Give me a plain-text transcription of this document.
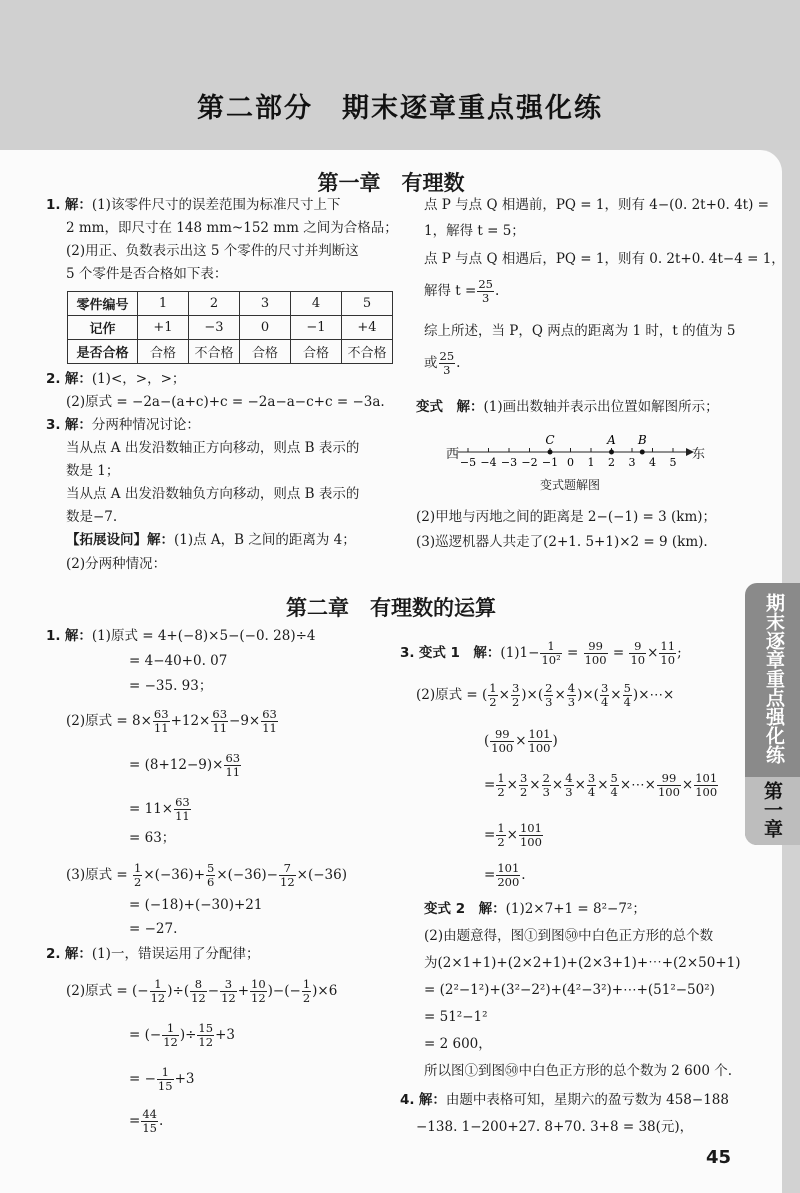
第二部分　期末逐章重点强化练
期末逐章重点强化练
第一章
第一章　有理数
1. 解：(1)该零件尺寸的误差范围为标准尺寸上下
2 mm，即尺寸在 148 mm~152 mm 之间为合格品；
(2)用正、负数表示出这 5 个零件的尺寸并判断这
5 个零件是否合格如下表：
零件编号	1	2	3	4	5
记作	+1	−3	0	−1	+4
是否合格	合格	不合格	合格	合格	不合格
2. 解：(1)<，>，>；
(2)原式 = −2a−(a+c)+c = −2a−a−c+c = −3a.
3. 解：分两种情况讨论：
当从点 A 出发沿数轴正方向移动，则点 B 表示的
数是 1；
当从点 A 出发沿数轴负方向移动，则点 B 表示的
数是−7.
【拓展设问】解：(1)点 A，B 之间的距离为 4；
(2)分两种情况：
点 P 与点 Q 相遇前，PQ = 1，则有 4−(0. 2t+0. 4t) =
1，解得 t = 5；
点 P 与点 Q 相遇后，PQ = 1，则有 0. 2t+0. 4t−4 = 1，
解得 $t = \frac{25}{3}$ .
综上所述，当 P，Q 两点的距离为 1 时，t 的值为 5
或 $\frac{25}{3}$ .
变式　 解：(1)画出数轴并表示出位置如解图所示；
−5 −4 −3 −2 −1 0 1 2 3 4 5
C	A B
西	东
变式题解图
(2)甲地与丙地之间的距离是 2−(−1) = 3 (km)；
(3)巡逻机器人共走了(2+1. 5+1)×2 = 9 (km).
第二章　有理数的运算
1. 解：(1)原式 = 4+(−8)×5−(−0. 28)÷4
= 4−40+0. 07
= −35. 93；
(2)原式 = $8\times \frac{63}{11} +12\times \frac{63}{11} -9\times \frac{63}{11}$
= $(8+12-9)\times \frac{63}{11}$
= $11\times \frac{63}{11}$
= 63；
(3)原式 = $\frac{1}{2} \times(-36)+ \frac{5}{6} \times(-36)- \frac{7}{12} \times(-36)$
= (−18)+(−30)+21
= −27.
2. 解：(1)一，错误运用了分配律；
(2)原式 = (− $\frac{1}{12}$ )÷( $\frac{8}{12} - \frac{3}{12} + \frac{10}{12}$ )−(− $\frac{1}{2} )\times 6$
= (− $\frac{1}{12}$ )÷ $\frac{15}{12} +3$
= − $\frac{1}{15} +3$
= $\frac{44}{15}$ .
3. 变式 1　 解：$(1)1- \frac{1}{\text{10²}} = \frac{99}{100} = \frac{9}{10} \times \frac{11}{10}$ ;
(2)原式 = ( $\frac{1}{2} \times \frac{3}{2}$ )×( $\frac{2}{3} \times \frac{4}{3}$ )×( $\frac{3}{4} \times \frac{5}{4}$ )×⋯×
( $\frac{99}{100} \times \frac{101}{100}$ )
= $\frac{1}{2} \times \frac{3}{2} \times \frac{2}{3} \times \frac{4}{3} \times \frac{3}{4} \times \frac{5}{4}$ ×⋯× $\frac{99}{100} \times \frac{101}{100}$
= $\frac{1}{2} \times \frac{101}{100}$
= $\frac{101}{200}$ .
变式 2　 解：(1)2×7+1 = 8²−7²；
(2)由题意得，图①到图㊿中白色正方形的总个数
为(2×1+1)+(2×2+1)+(2×3+1)+⋯+(2×50+1)
= (2²−1²)+(3²−2²)+(4²−3²)+⋯+(51²−50²)
= 51²−1²
= 2 600，
所以图①到图㊿中白色正方形的总个数为 2 600 个.
4. 解：由题中表格可知，星期六的盈亏数为 458−188
−138. 1−200+27. 8+70. 3+8 = 38(元)，
45
